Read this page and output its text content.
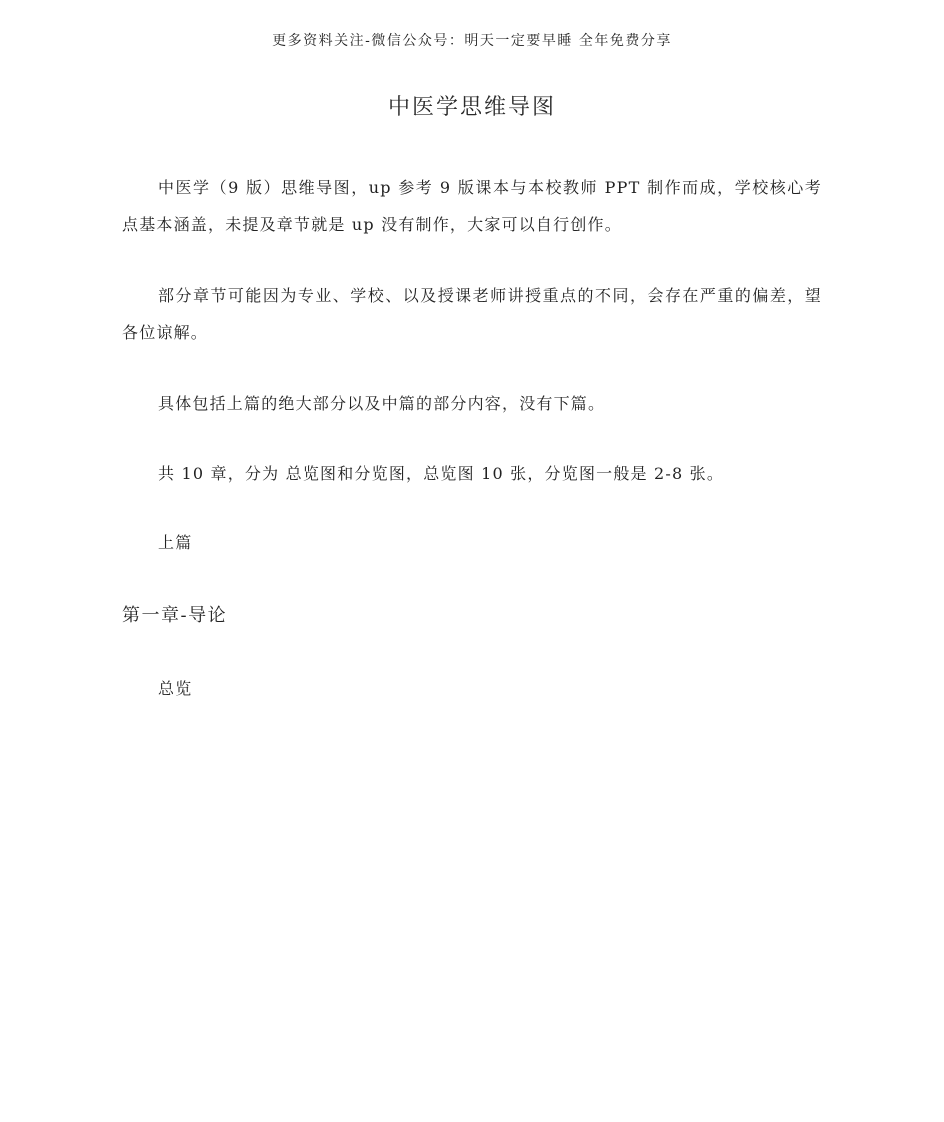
更多资料关注-微信公众号：明天一定要早睡 全年免费分享
中医学思维导图

中医学（9 版）思维导图，up 参考 9 版课本与本校教师 PPT 制作而成，学校核心考点基本涵盖，未提及章节就是 up 没有制作，大家可以自行创作。

部分章节可能因为专业、学校、以及授课老师讲授重点的不同，会存在严重的偏差，望各位谅解。

具体包括上篇的绝大部分以及中篇的部分内容，没有下篇。

共 10 章，分为 总览图和分览图，总览图 10 张，分览图一般是 2-8 张。

上篇
第一章-导论
总览
